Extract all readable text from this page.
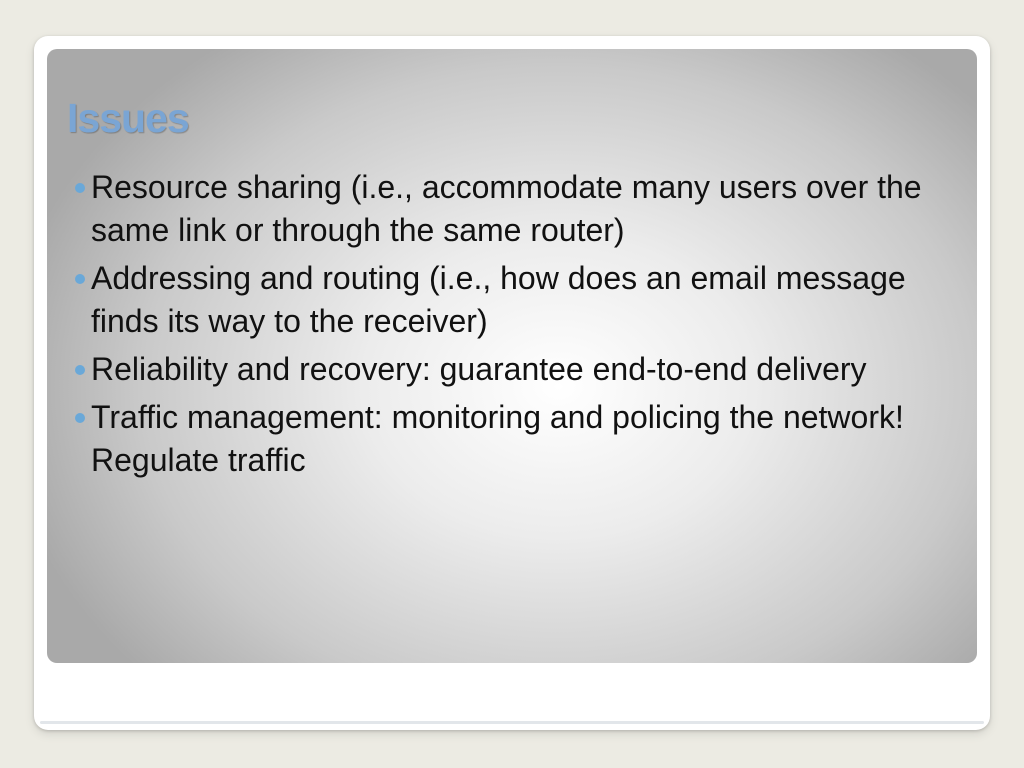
Issues
Resource sharing (i.e., accommodate many users over the same link or through the same router)
Addressing and routing (i.e., how does an email message finds its way to the receiver)
Reliability and recovery: guarantee end-to-end delivery
Traffic management: monitoring and policing the network! Regulate traffic
